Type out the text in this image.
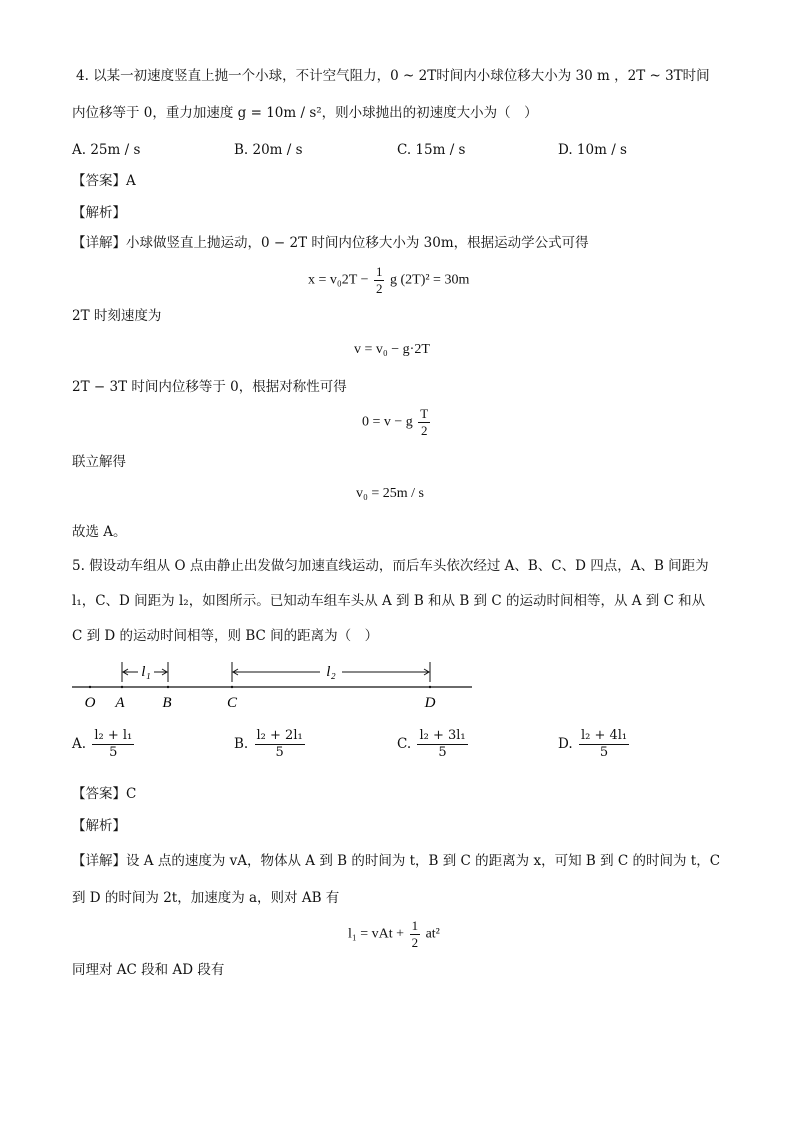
4. 以某一初速度竖直上抛一个小球，不计空气阻力，0 ~ 2T时间内小球位移大小为 30 m ，2T ~ 3T时间
内位移等于 0，重力加速度 g = 10m / s²，则小球抛出的初速度大小为（　）
A. 25m / s	B. 20m / s	C. 15m / s	D. 10m / s
【答案】A
【解析】
【详解】小球做竖直上抛运动，0 − 2T 时间内位移大小为 30m，根据运动学公式可得
$x = v_02T - \frac{1}{2}$ g (2T)² = 30m
2T 时刻速度为
v = v₀ − g·2T
2T − 3T 时间内位移等于 0，根据对称性可得
0 = v − g $\frac{T}{2}$
联立解得
v₀ = 25m / s
故选 A。
5. 假设动车组从 O 点由静止出发做匀加速直线运动，而后车头依次经过 A、B、C、D 四点，A、B 间距为
l₁，C、D 间距为 l₂，如图所示。已知动车组车头从 A 到 B 和从 B 到 C 的运动时间相等，从 A 到 C 和从
C 到 D 的运动时间相等，则 BC 间的距离为（　）
l₁	l₂
O A	B	C	D
A. $\frac{\text{l₂ + l₁}}{5}$	B. $\frac{\text{l₂ + 2l₁}}{5}$	C. $\frac{\text{l₂ + 3l₁}}{5}$	D. $\frac{\text{l₂ + 4l₁}}{5}$
【答案】C
【解析】
【详解】设 A 点的速度为 vA，物体从 A 到 B 的时间为 t，B 到 C 的距离为 x，可知 B 到 C 的时间为 t，C
到 D 的时间为 2t，加速度为 a，则对 AB 有
l₁ = vAt + $\frac{1}{2} at^2$
同理对 AC 段和 AD 段有
